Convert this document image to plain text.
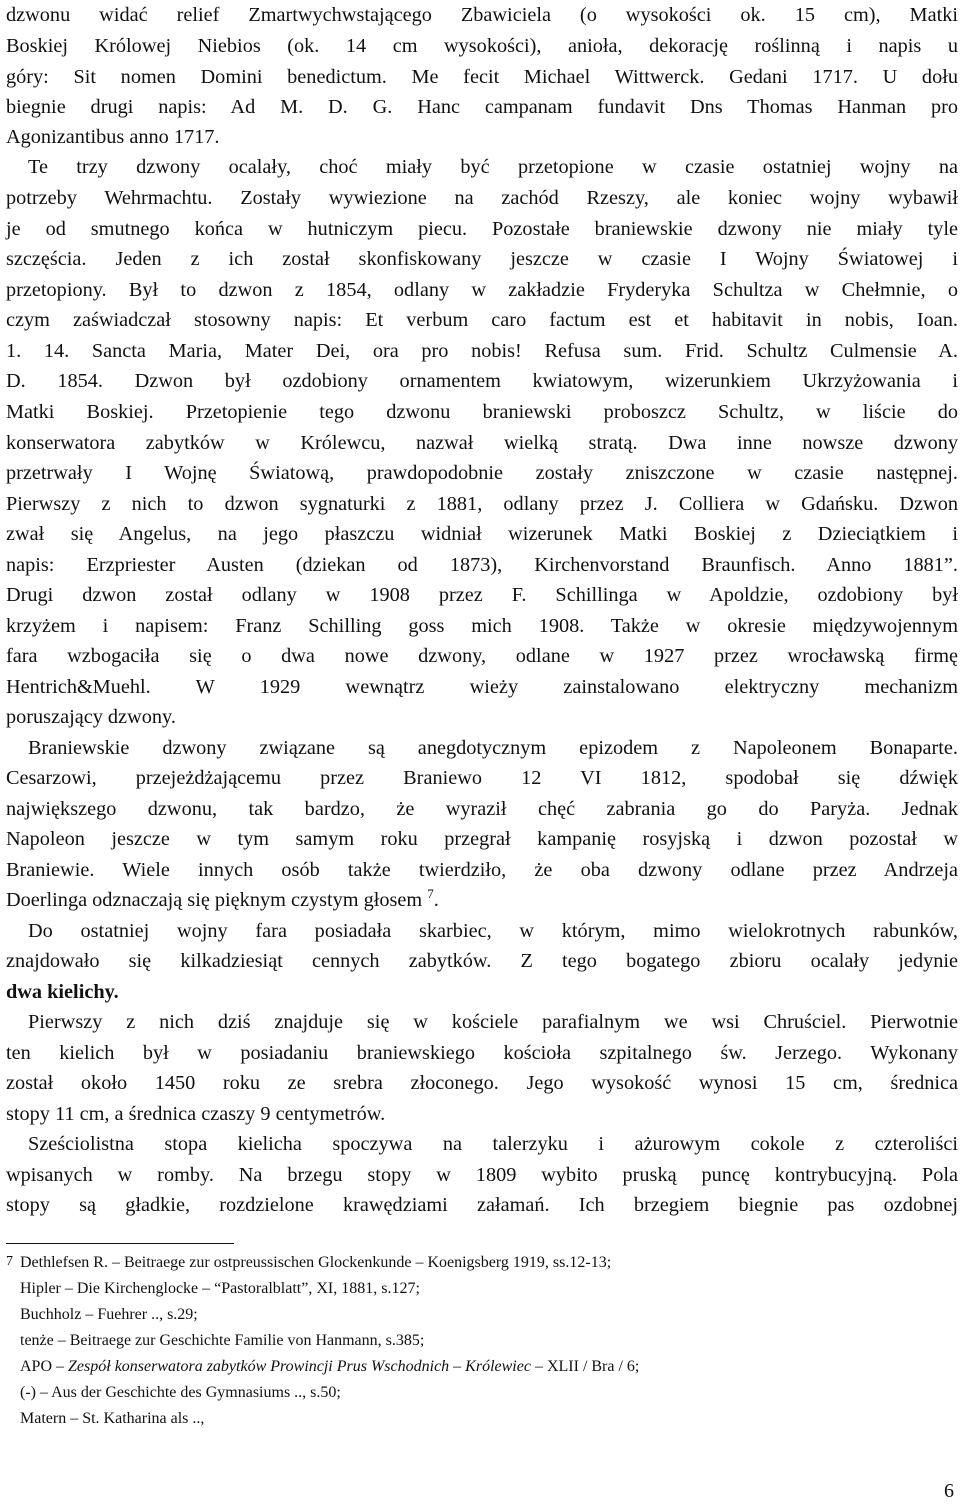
dzwonu widać relief Zmartwychwstającego Zbawiciela (o wysokości ok. 15 cm), Matki
Boskiej Królowej Niebios (ok. 14 cm wysokości), anioła, dekorację roślinną i napis u
góry: Sit nomen Domini benedictum. Me fecit Michael Wittwerck. Gedani 1717. U dołu
biegnie drugi napis: Ad M. D. G. Hanc campanam fundavit Dns Thomas Hanman pro
Agonizantibus anno 1717.
Te trzy dzwony ocalały, choć miały być przetopione w czasie ostatniej wojny na
potrzeby Wehrmachtu. Zostały wywiezione na zachód Rzeszy, ale koniec wojny wybawił
je od smutnego końca w hutniczym piecu. Pozostałe braniewskie dzwony nie miały tyle
szczęścia. Jeden z ich został skonfiskowany jeszcze w czasie I Wojny Światowej i
przetopiony. Był to dzwon z 1854, odlany w zakładzie Fryderyka Schultza w Chełmnie, o
czym zaświadczał stosowny napis: Et verbum caro factum est et habitavit in nobis, Ioan.
1. 14. Sancta Maria, Mater Dei, ora pro nobis! Refusa sum. Frid. Schultz Culmensie A.
D. 1854. Dzwon był ozdobiony ornamentem kwiatowym, wizerunkiem Ukrzyżowania i
Matki Boskiej. Przetopienie tego dzwonu braniewski proboszcz Schultz, w liście do
konserwatora zabytków w Królewcu, nazwał wielką stratą. Dwa inne nowsze dzwony
przetrwały I Wojnę Światową, prawdopodobnie zostały zniszczone w czasie następnej.
Pierwszy z nich to dzwon sygnaturki z 1881, odlany przez J. Colliera w Gdańsku. Dzwon
zwał się Angelus, na jego płaszczu widniał wizerunek Matki Boskiej z Dzieciątkiem i
napis: Erzpriester Austen (dziekan od 1873), Kirchenvorstand Braunfisch. Anno 1881”.
Drugi dzwon został odlany w 1908 przez F. Schillinga w Apoldzie, ozdobiony był
krzyżem i napisem: Franz Schilling goss mich 1908. Także w okresie międzywojennym
fara wzbogaciła się o dwa nowe dzwony, odlane w 1927 przez wrocławską firmę
Hentrich&Muehl. W 1929 wewnątrz wieży zainstalowano elektryczny mechanizm
poruszający dzwony.
Braniewskie dzwony związane są anegdotycznym epizodem z Napoleonem Bonaparte.
Cesarzowi, przejeżdżającemu przez Braniewo 12 VI 1812, spodobał się dźwięk
największego dzwonu, tak bardzo, że wyraził chęć zabrania go do Paryża. Jednak
Napoleon jeszcze w tym samym roku przegrał kampanię rosyjską i dzwon pozostał w
Braniewie. Wiele innych osób także twierdziło, że oba dzwony odlane przez Andrzeja
Doerlinga odznaczają się pięknym czystym głosem $^7$.
Do ostatniej wojny fara posiadała skarbiec, w którym, mimo wielokrotnych rabunków,
znajdowało się kilkadziesiąt cennych zabytków. Z tego bogatego zbioru ocalały jedynie
dwa kielichy.
Pierwszy z nich dziś znajduje się w kościele parafialnym we wsi Chruściel. Pierwotnie
ten kielich był w posiadaniu braniewskiego kościoła szpitalnego św. Jerzego. Wykonany
został około 1450 roku ze srebra złoconego. Jego wysokość wynosi 15 cm, średnica
stopy 11 cm, a średnica czaszy 9 centymetrów.
Sześciolistna stopa kielicha spoczywa na talerzyku i ażurowym cokole z czteroliści
wpisanych w romby. Na brzegu stopy w 1809 wybito pruską puncę kontrybucyjną. Pola
stopy są gładkie, rozdzielone krawędziami załamań. Ich brzegiem biegnie pas ozdobnej
7 Dethlefsen R. – Beitraege zur ostpreussischen Glockenkunde – Koenigsberg 1919, ss.12-13;
Hipler – Die Kirchenglocke – “Pastoralblatt”, XI, 1881, s.127;
Buchholz – Fuehrer .., s.29;
tenże – Beitraege zur Geschichte Familie von Hanmann, s.385;
APO – Zespół konserwatora zabytków Prowincji Prus Wschodnich – Królewiec – XLII / Bra / 6;
(-) – Aus der Geschichte des Gymnasiums .., s.50;
Matern – St. Katharina als ..,
6
